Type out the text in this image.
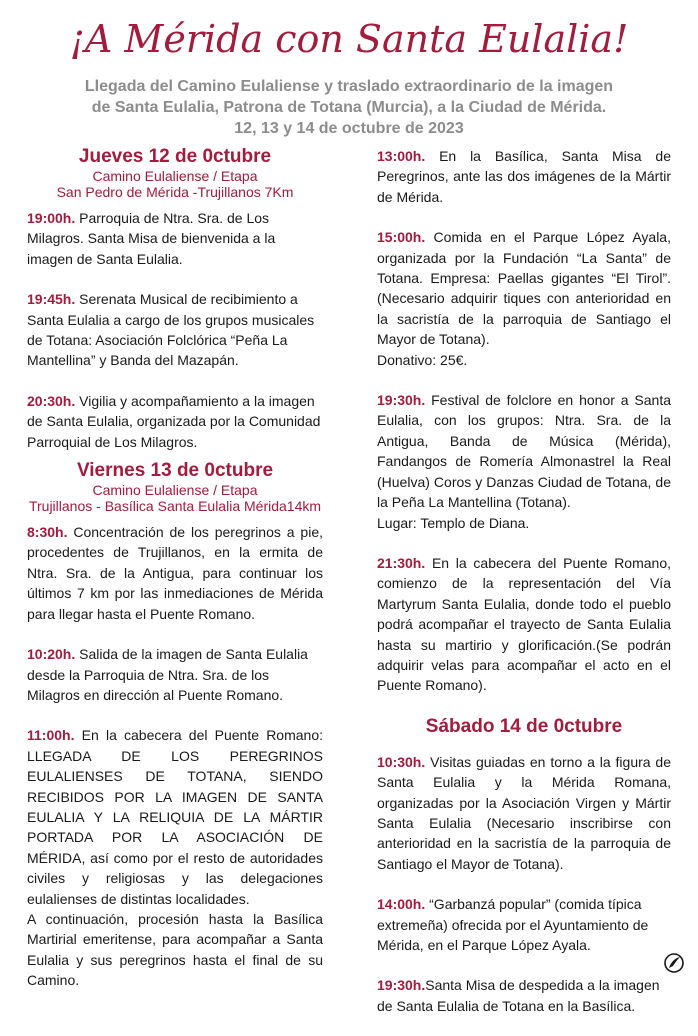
¡A Mérida con Santa Eulalia!
Llegada del Camino Eulaliense y traslado extraordinario de la imagen
de Santa Eulalia, Patrona de Totana (Murcia), a la Ciudad de Mérida.
12, 13 y 14 de octubre de 2023
Jueves 12 de 0ctubre
Camino Eulaliense / Etapa
San Pedro de Mérida -Trujillanos 7Km
19:00h. Parroquia de Ntra. Sra. de Los Milagros. Santa Misa de bienvenida a la imagen de Santa Eulalia.
19:45h. Serenata Musical de recibimiento a Santa Eulalia a cargo de los grupos musicales de Totana: Asociación Folclórica “Peña La Mantellina” y Banda del Mazapán.
20:30h. Vigilia y acompañamiento a la imagen de Santa Eulalia, organizada por la Comunidad Parroquial de Los Milagros.
Viernes 13 de 0ctubre
Camino Eulaliense / Etapa
Trujillanos - Basílica Santa Eulalia Mérida14km
8:30h. Concentración de los peregrinos a pie, procedentes de Trujillanos, en la ermita de Ntra. Sra. de la Antigua, para continuar los últimos 7 km por las inmediaciones de Mérida para llegar hasta el Puente Romano.
10:20h. Salida de la imagen de Santa Eulalia desde la Parroquia de Ntra. Sra. de los Milagros en dirección al Puente Romano.
11:00h. En la cabecera del Puente Romano: LLEGADA DE LOS PEREGRINOS EULALIENSES DE TOTANA, SIENDO RECIBIDOS POR LA IMAGEN DE SANTA EULALIA Y LA RELIQUIA DE LA MÁRTIR PORTADA POR LA ASOCIACIÓN DE MÉRIDA, así como por el resto de autoridades civiles y religiosas y las delegaciones eulalienses de distintas localidades.
A continuación, procesión hasta la Basílica Martirial emeritense, para acompañar a Santa Eulalia y sus peregrinos hasta el final de su Camino.
13:00h. En la Basílica, Santa Misa de Peregrinos, ante las dos imágenes de la Mártir de Mérida.
15:00h. Comida en el Parque López Ayala, organizada por la Fundación “La Santa” de Totana. Empresa: Paellas gigantes “El Tirol”.(Necesario adquirir tiques con anterioridad en la sacristía de la parroquia de Santiago el Mayor de Totana).
Donativo: 25€.
19:30h. Festival de folclore en honor a Santa Eulalia, con los grupos: Ntra. Sra. de la Antigua, Banda de Música (Mérida), Fandangos de Romería Almonastrel la Real (Huelva) Coros y Danzas Ciudad de Totana, de la Peña La Mantellina (Totana).
Lugar: Templo de Diana.
21:30h. En la cabecera del Puente Romano, comienzo de la representación del Vía Martyrum Santa Eulalia, donde todo el pueblo podrá acompañar el trayecto de Santa Eulalia hasta su martirio y glorificación.(Se podrán adquirir velas para acompañar el acto en el Puente Romano).
Sábado 14 de 0ctubre
10:30h. Visitas guiadas en torno a la figura de Santa Eulalia y la Mérida Romana, organizadas por la Asociación Virgen y Mártir Santa Eulalia (Necesario inscribirse con anterioridad en la sacristía de la parroquia de Santiago el Mayor de Totana).
14:00h. “Garbanzá popular” (comida típica extremeña) ofrecida por el Ayuntamiento de Mérida, en el Parque López Ayala.
19:30h.Santa Misa de despedida a la imagen de Santa Eulalia de Totana en la Basílica.
